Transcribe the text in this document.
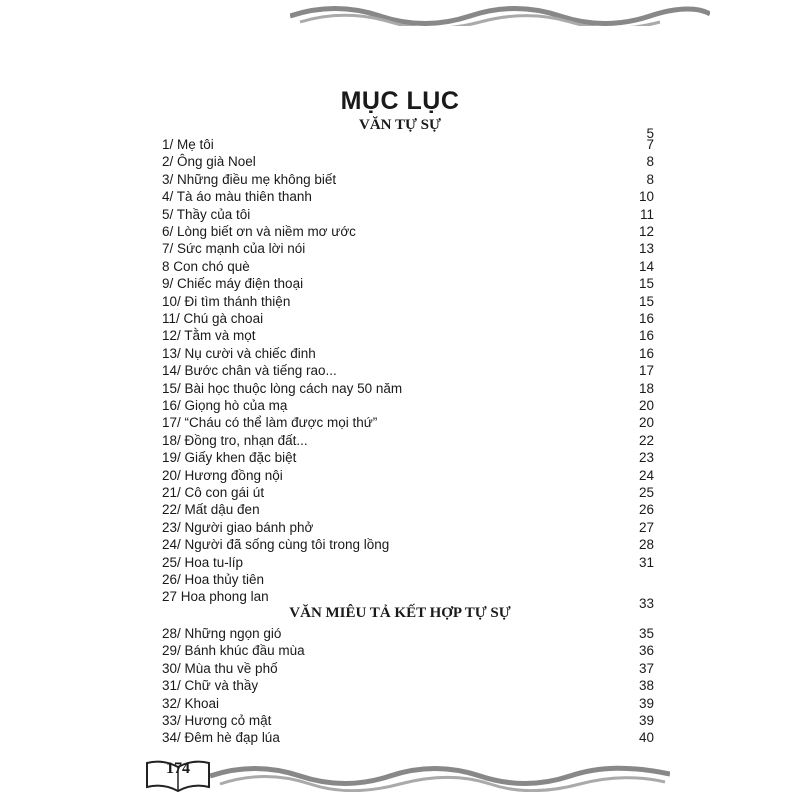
MỤC LỤC
VĂN TỰ SỰ
5
1/ Mẹ tôi	7
2/ Ông già Noel	8
3/ Những điều mẹ không biết	8
4/ Tà áo màu thiên thanh	10
5/ Thầy của tôi	11
6/ Lòng biết ơn và niềm mơ ước	12
7/ Sức mạnh của lời nói	13
8 Con chó què	14
9/ Chiếc máy điện thoại	15
10/ Đi tìm thánh thiện	15
11/ Chú gà choai	16
12/ Tằm và mọt	16
13/ Nụ cười và chiếc đinh	16
14/ Bước chân và tiếng rao...	17
15/ Bài học thuộc lòng cách nay 50 năm	18
16/ Giọng hò của mạ	20
17/ “Cháu có thể làm được mọi thứ”	20
18/ Đồng tro, nhạn đất...	22
19/ Giấy khen đặc biệt	23
20/ Hương đồng nội	24
21/ Cô con gái út	25
22/ Mất dậu đen	26
23/ Người giao bánh phở	27
24/ Người đã sống cùng tôi trong lồng	28
25/ Hoa tu-líp	31
26/ Hoa thủy tiên
27 Hoa phong lan	33
VĂN MIÊU TẢ KẾT HỢP TỰ SỰ
28/ Những ngọn gió	35
29/ Bánh khúc đầu mùa	36
30/ Mùa thu về phố	37
31/ Chữ và thầy	38
32/ Khoai	39
33/ Hương cỏ mật	39
34/ Đêm hè đạp lúa	40
174
